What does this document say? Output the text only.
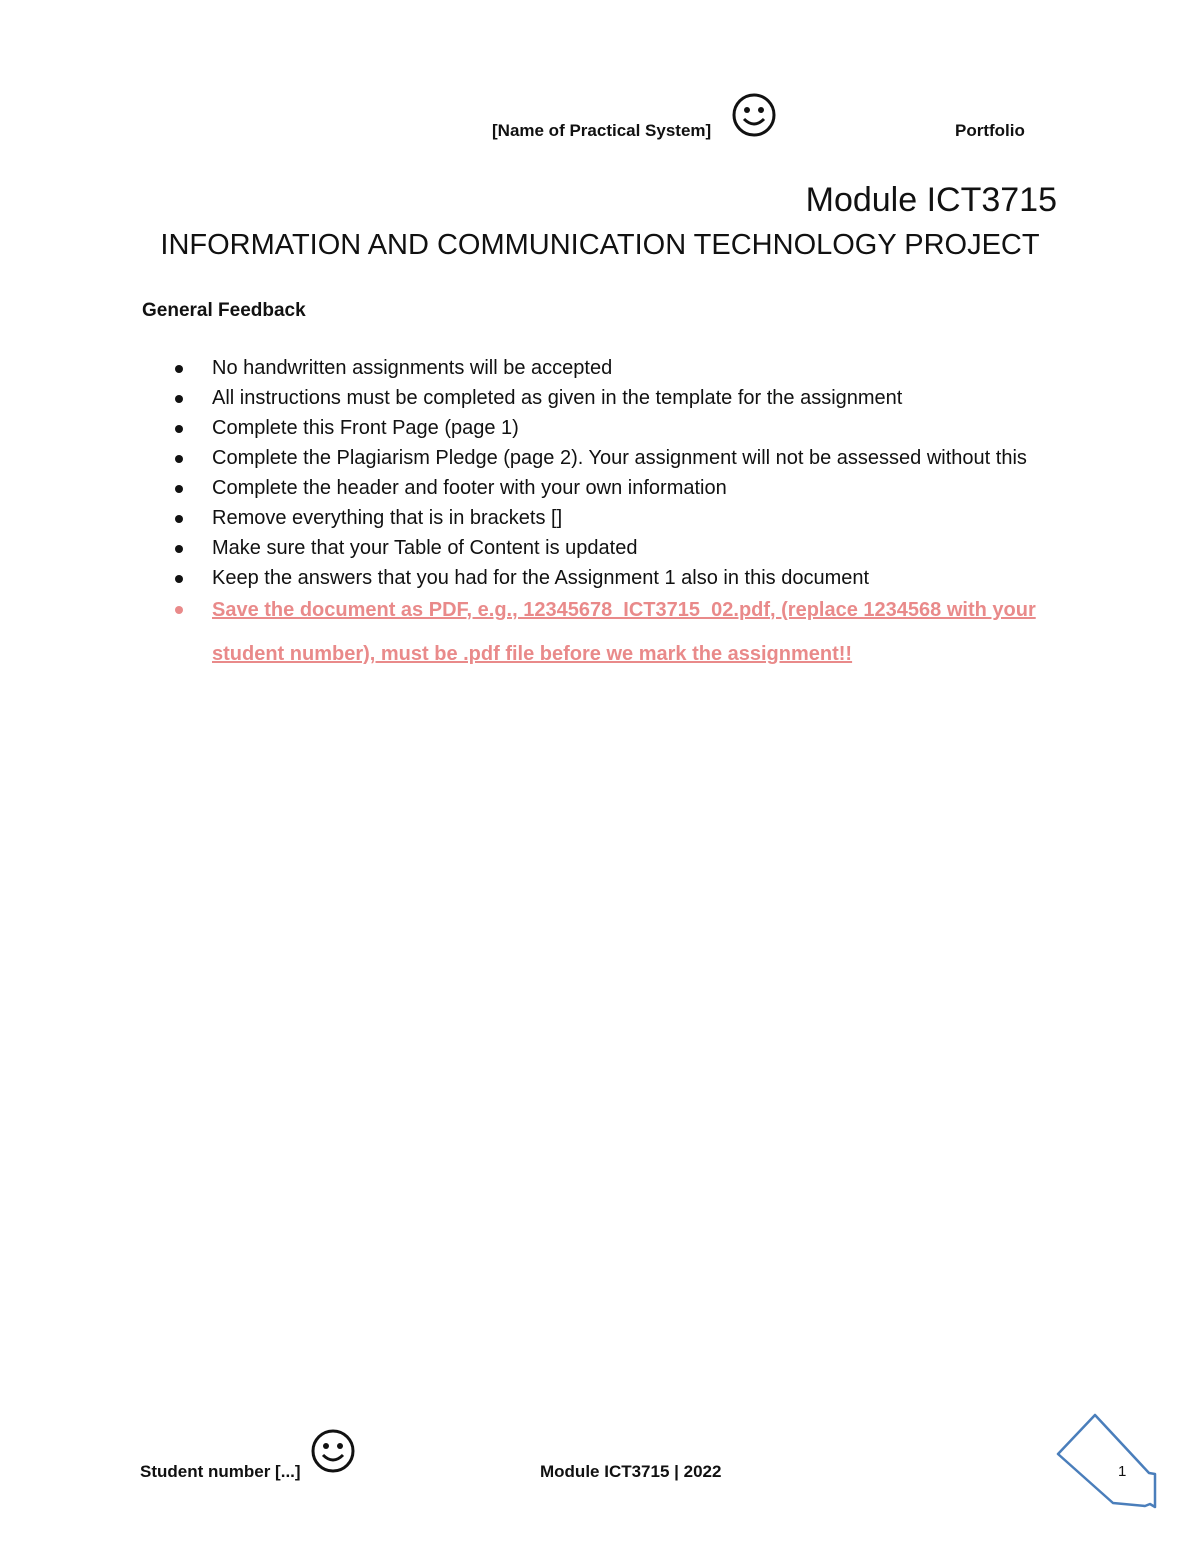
[Name of Practical System]	Portfolio
Module ICT3715
INFORMATION AND COMMUNICATION TECHNOLOGY PROJECT
General Feedback
No handwritten assignments will be accepted
All instructions must be completed as given in the template for the assignment
Complete this Front Page (page 1)
Complete the Plagiarism Pledge (page 2). Your assignment will not be assessed without this
Complete the header and footer with your own information
Remove everything that is in brackets []
Make sure that your Table of Content is updated
Keep the answers that you had for the Assignment 1 also in this document
Save the document as PDF, e.g., 12345678_ICT3715_02.pdf, (replace 1234568 with your student number), must be .pdf file before we mark the assignment!!
Student number [...]	Module ICT3715 | 2022	1
